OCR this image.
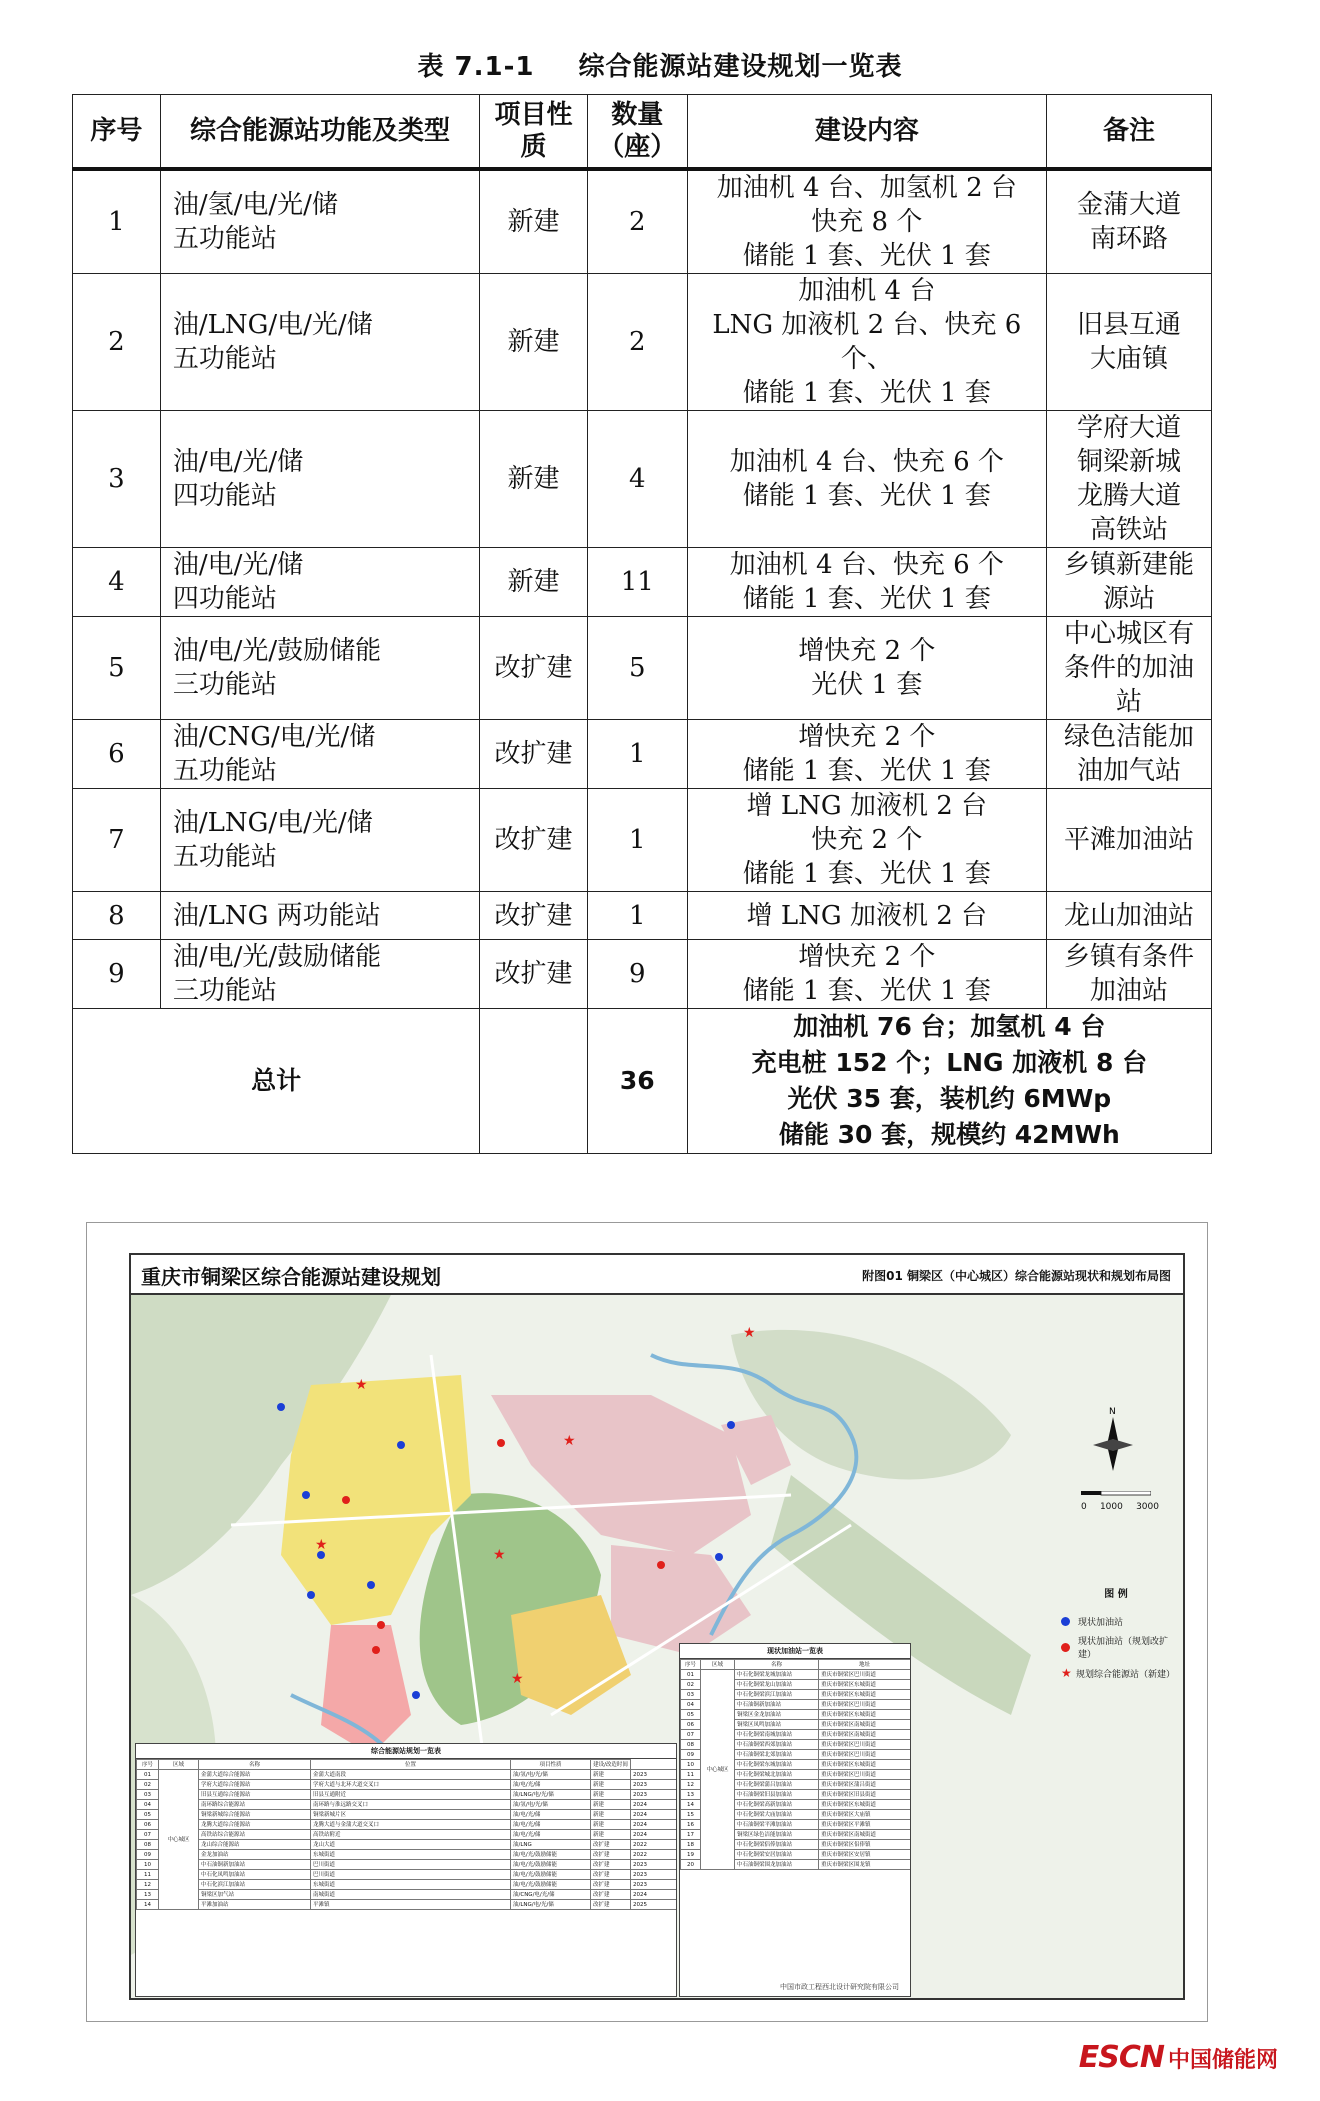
表 7.1-1 综合能源站建设规划一览表
序号	综合能源站功能及类型	项目性质	数量（座）	建设内容	备注
1	油/氢/电/光/储
五功能站	新建	2	加油机 4 台、加氢机 2 台
快充 8 个
储能 1 套、光伏 1 套	金蒲大道
南环路

2	油/LNG/电/光/储
五功能站	新建	2	加油机 4 台
LNG 加液机 2 台、快充 6 个、
储能 1 套、光伏 1 套	旧县互通
大庙镇

3	油/电/光/储
四功能站	新建	4	加油机 4 台、快充 6 个
储能 1 套、光伏 1 套	学府大道
铜梁新城
龙腾大道
高铁站

4	油/电/光/储
四功能站	新建	11	加油机 4 台、快充 6 个
储能 1 套、光伏 1 套	乡镇新建能
源站

5	油/电/光/鼓励储能
三功能站	改扩建	5	增快充 2 个
光伏 1 套	中心城区有
条件的加油
站

6	油/CNG/电/光/储
五功能站	改扩建	1	增快充 2 个
储能 1 套、光伏 1 套	绿色洁能加
油加气站

7	油/LNG/电/光/储
五功能站	改扩建	1	增 LNG 加液机 2 台
快充 2 个
储能 1 套、光伏 1 套	平滩加油站

8	油/LNG 两功能站	改扩建	1	增 LNG 加液机 2 台	龙山加油站

9	油/电/光/鼓励储能
三功能站	改扩建	9	增快充 2 个
储能 1 套、光伏 1 套	乡镇有条件
加油站

总计			36	加油机 76 台；加氢机 4 台
充电桩 152 个；LNG 加液机 8 台
光伏 35 套，装机约 6MWp
储能 30 套，规模约 42MWh	
重庆市铜梁区综合能源站建设规划	附图01 铜梁区（中心城区）综合能源站现状和规划布局图
★
★
★
★
★
★
N
0 1000 3000
图 例
现状加油站
现状加油站（规划改扩建）
★ 规划综合能源站（新建）
综合能源站规划一览表
序号	区域	名称	位置	项目性质	建设/改造时间	
01	中心城区	金蒲大道综合能源站	金蒲大道南段	油/氢/电/光/储	新建	2023
02		学府大道综合能源站	学府大道与北环大道交叉口	油/电/光/储	新建	2023
03		旧县互通综合能源站	旧县互通附近	油/LNG/电/光/储	新建	2023
04		南环路综合能源站	南环路与淮远路交叉口	油/氢/电/光/储	新建	2024
05		铜梁新城综合能源站	铜梁新城片区	油/电/光/储	新建	2024
06		龙腾大道综合能源站	龙腾大道与金蒲大道交叉口	油/电/光/储	新建	2024
07		高铁站综合能源站	高铁站附近	油/电/光/储	新建	2024
08		龙山综合能源站	龙山大道	油/LNG	改扩建	2022
09		金龙加油站	东城街道	油/电/光/鼓励储能	改扩建	2022
10		中石油铜新加油站	巴川街道	油/电/光/鼓励储能	改扩建	2023
11		中石化凤鸣加油站	巴川街道	油/电/光/鼓励储能	改扩建	2023
12		中石化滨江加油站	东城街道	油/电/光/鼓励储能	改扩建	2023
13		铜梁区加气站	南城街道	油/CNG/电/光/储	改扩建	2024
14		平滩加油站	平滩镇	油/LNG/电/光/储	改扩建	2025
现状加油站一览表
序号	区域	名称	地址
01	中心城区	中石化铜梁龙城加油站	重庆市铜梁区巴川街道
02		中石化铜梁龙山加油站	重庆市铜梁区东城街道
03		中石化铜梁滨江加油站	重庆市铜梁区东城街道
04		中石油铜新加油站	重庆市铜梁区巴川街道
05		铜梁区金龙加油站	重庆市铜梁区东城街道
06		铜梁区凤鸣加油站	重庆市铜梁区南城街道
07		中石化铜梁南城加油站	重庆市铜梁区南城街道
08		中石油铜梁西郊加油站	重庆市铜梁区巴川街道
09		中石油铜梁北郊加油站	重庆市铜梁区巴川街道
10		中石化铜梁东城加油站	重庆市铜梁区东城街道
11		中石化铜梁城北加油站	重庆市铜梁区巴川街道
12		中石化铜梁蒲吕加油站	重庆市铜梁区蒲吕街道
13		中石油铜梁旧县加油站	重庆市铜梁区旧县街道
14		中石化铜梁高新加油站	重庆市铜梁区东城街道
15		中石化铜梁大庙加油站	重庆市铜梁区大庙镇
16		中石油铜梁平滩加油站	重庆市铜梁区平滩镇
17		铜梁区绿色洁能加油站	重庆市铜梁区南城街道
18		中石化铜梁侣俸加油站	重庆市铜梁区侣俸镇
19		中石化铜梁安居加油站	重庆市铜梁区安居镇
20		中石油铜梁围龙加油站	重庆市铜梁区围龙镇
中国市政工程西北设计研究院有限公司
ESCN 中国储能网
